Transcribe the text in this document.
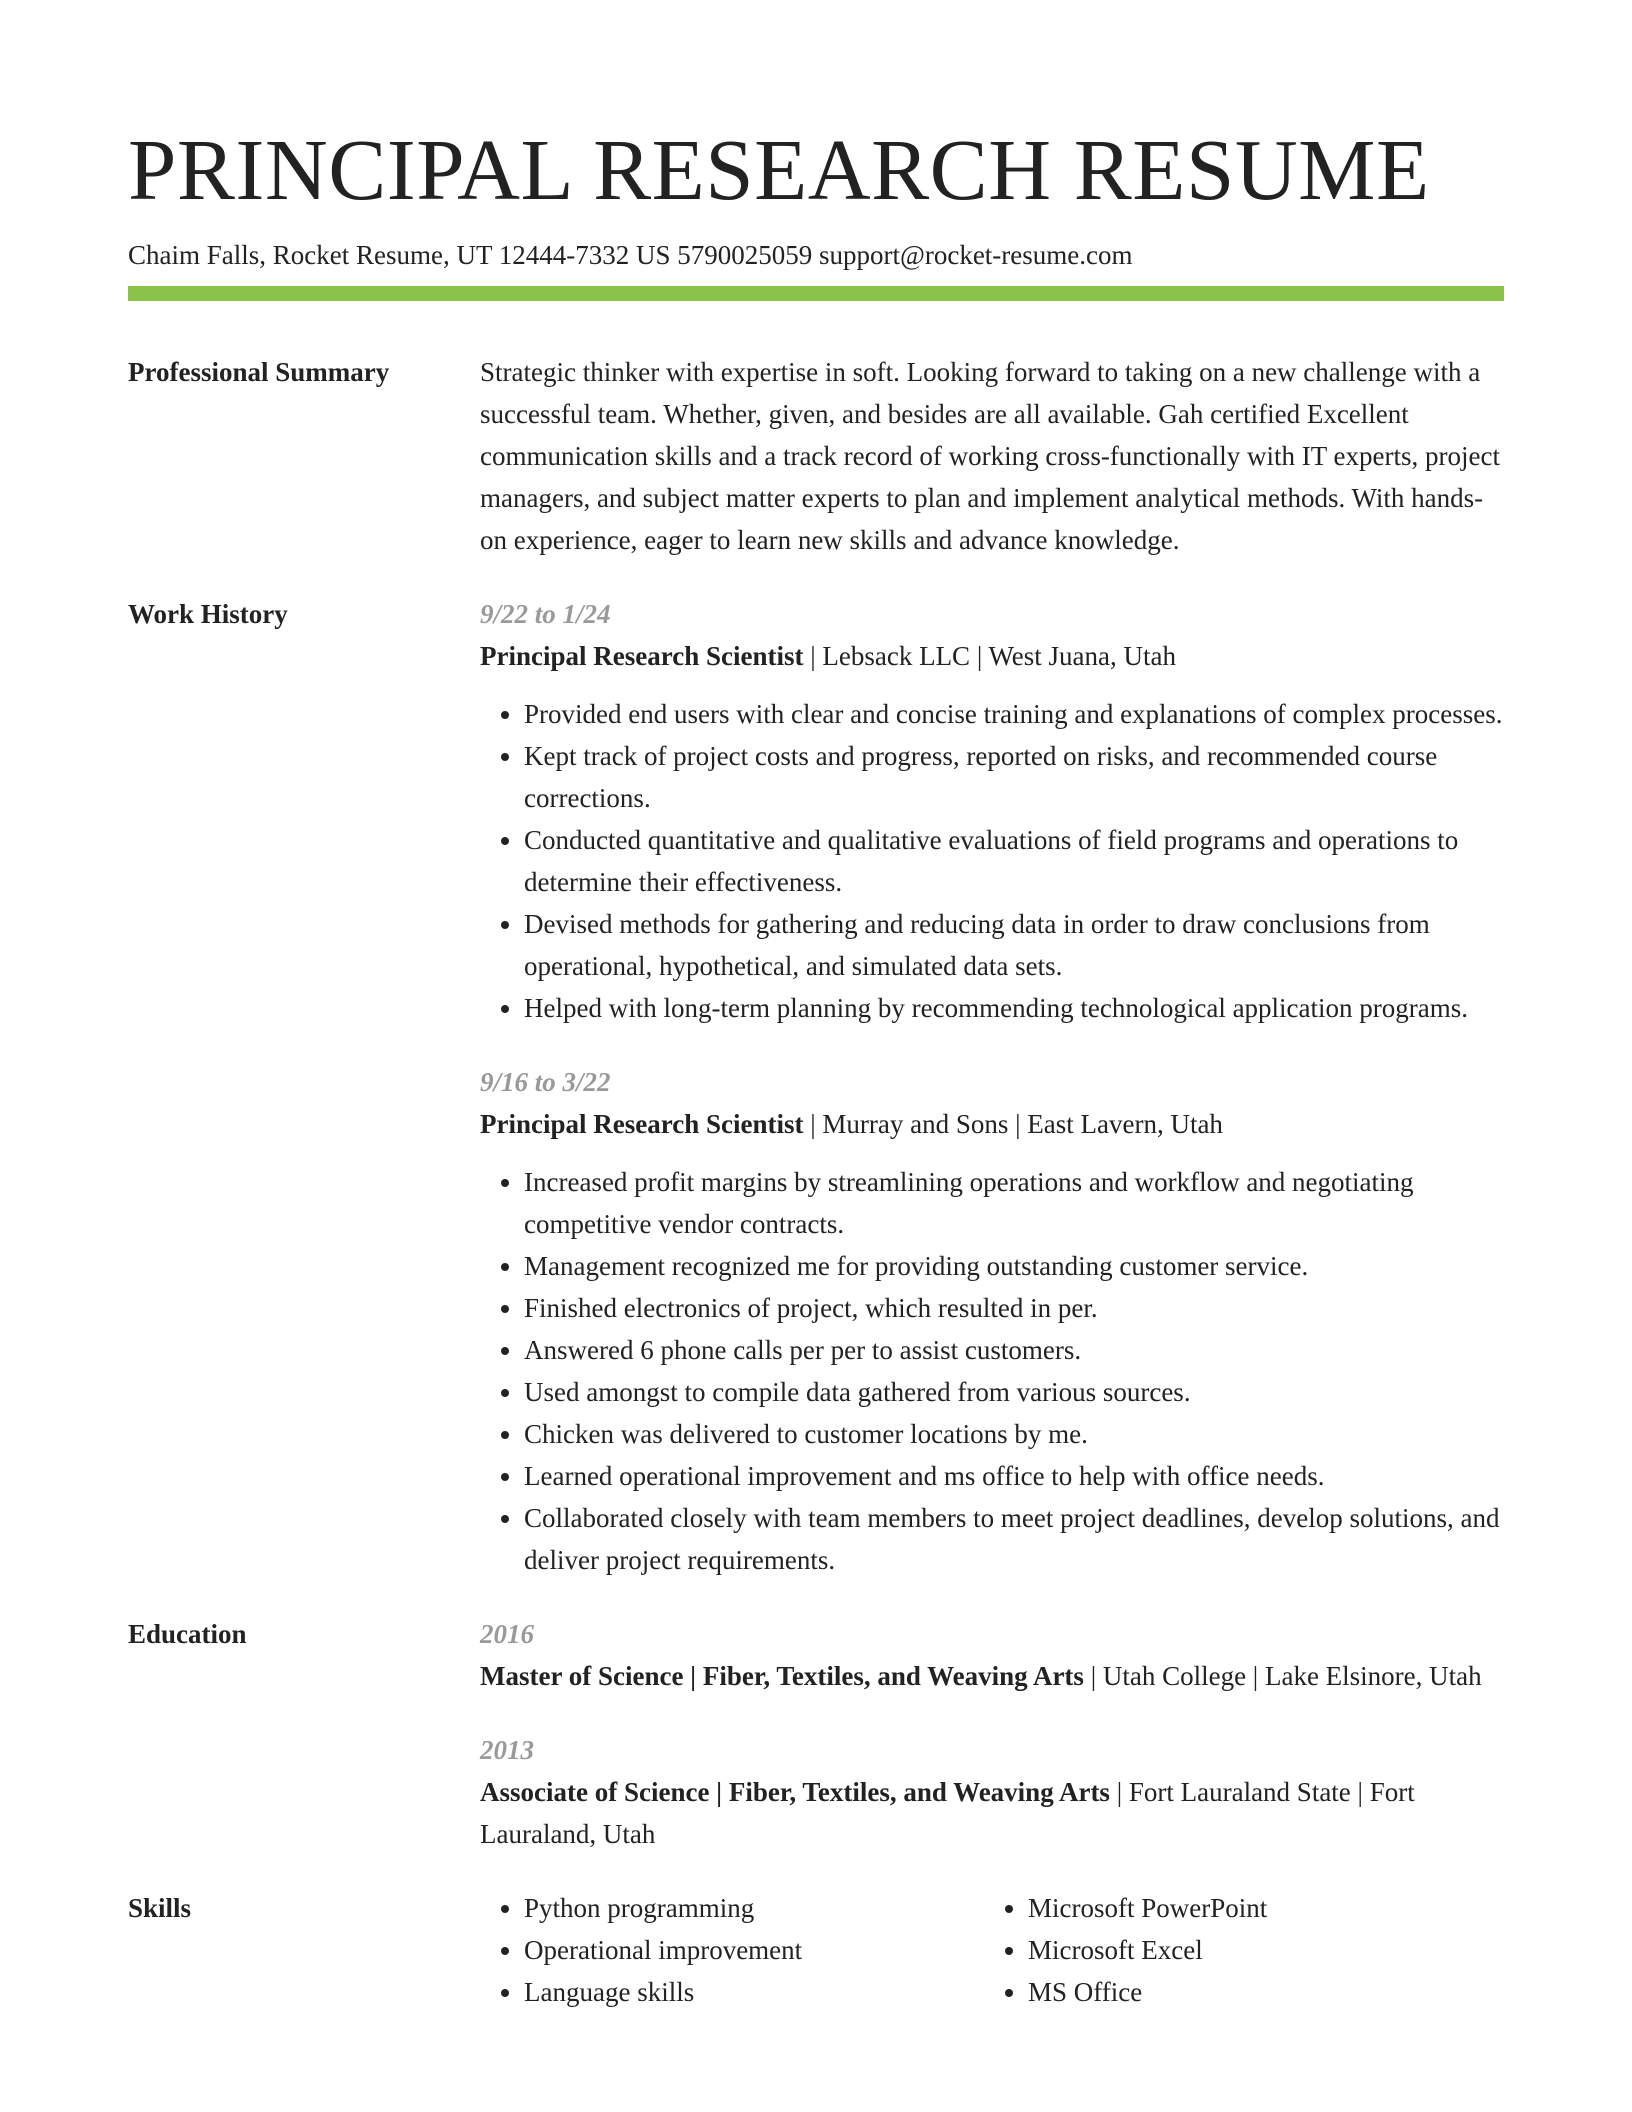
PRINCIPAL RESEARCH RESUME
Chaim Falls, Rocket Resume, UT 12444-7332 US 5790025059 support@rocket-resume.com
Professional Summary	Strategic thinker with expertise in soft. Looking forward to taking on a new challenge with a successful team. Whether, given, and besides are all available. Gah certified Excellent communication skills and a track record of working cross-functionally with IT experts, project managers, and subject matter experts to plan and implement analytical methods. With hands-on experience, eager to learn new skills and advance knowledge.

Work History	9/22 to 1/24

Principal Research Scientist | Lebsack LLC | West Juana, Utah

• Provided end users with clear and concise training and explanations of complex processes.
• Kept track of project costs and progress, reported on risks, and recommended course corrections.
• Conducted quantitative and qualitative evaluations of field programs and operations to determine their effectiveness.
• Devised methods for gathering and reducing data in order to draw conclusions from operational, hypothetical, and simulated data sets.
• Helped with long-term planning by recommending technological application programs.
9/16 to 3/22

Principal Research Scientist | Murray and Sons | East Lavern, Utah

• Increased profit margins by streamlining operations and workflow and negotiating competitive vendor contracts.
• Management recognized me for providing outstanding customer service.
• Finished electronics of project, which resulted in per.
• Answered 6 phone calls per per to assist customers.
• Used amongst to compile data gathered from various sources.
• Chicken was delivered to customer locations by me.
• Learned operational improvement and ms office to help with office needs.
• Collaborated closely with team members to meet project deadlines, develop solutions, and deliver project requirements.
Education	2016

Master of Science | Fiber, Textiles, and Weaving Arts | Utah College | Lake Elsinore, Utah

2013

Associate of Science | Fiber, Textiles, and Weaving Arts | Fort Lauraland State | Fort Lauraland, Utah

Skills
•	Python programming
• Operational improvement
• Language skills
• Microsoft PowerPoint
• Microsoft Excel
• MS Office
